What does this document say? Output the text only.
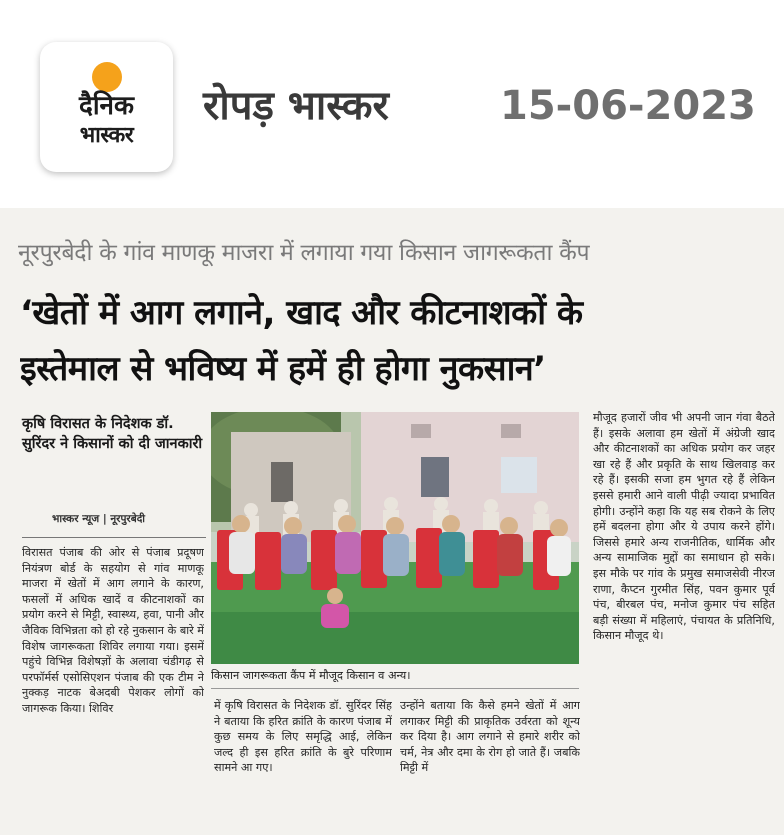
दैनिक
भास्कर
रोपड़ भास्कर	15-06-2023
नूरपुरबेदी के गांव माणकू माजरा में लगाया गया किसान जागरूकता कैंप
‘खेतों में आग लगाने, खाद और कीटनाशकों के
इस्तेमाल से भविष्य में हमें ही होगा नुकसान’
कृषि विरासत के निदेशक डॉ. सुरिंदर ने किसानों को दी जानकारी
भास्कर न्यूज | नूरपुरबेदी
विरासत पंजाब की ओर से पंजाब प्रदूषण नियंत्रण बोर्ड के सहयोग से गांव माणकू माजरा में खेतों में आग लगाने के कारण, फसलों में अधिक खादें व कीटनाशकों का प्रयोग करने से मिट्टी, स्वास्थ्य, हवा, पानी और जैविक विभिन्नता को हो रहे नुकसान के बारे में विशेष जागरूकता शिविर लगाया गया। इसमें पहुंचे विभिन्न विशेषज्ञों के अलावा चंडीगढ़ से परफॉर्मर्स एसोसिएशन पंजाब की एक टीम ने नुक्कड़ नाटक बेअदबी पेशकर लोगों को जागरूक किया। शिविर
किसान जागरूकता कैंप में मौजूद किसान व अन्य।
में कृषि विरासत के निदेशक डॉ. सुरिंदर सिंह ने बताया कि हरित क्रांति के कारण पंजाब में कुछ समय के लिए समृद्धि आई, लेकिन जल्द ही इस हरित क्रांति के बुरे परिणाम सामने आ गए।
उन्होंने बताया कि कैसे हमने खेतों में आग लगाकर मिट्टी की प्राकृतिक उर्वरता को शून्य कर दिया है। आग लगाने से हमारे शरीर को चर्म, नेत्र और दमा के रोग हो जाते हैं। जबकि मिट्टी में
मौजूद हजारों जीव भी अपनी जान गंवा बैठते हैं। इसके अलावा हम खेतों में अंग्रेजी खाद और कीटनाशकों का अधिक प्रयोग कर जहर खा रहे हैं और प्रकृति के साथ खिलवाड़ कर रहे हैं। इसकी सजा हम भुगत रहे हैं लेकिन इससे हमारी आने वाली पीढ़ी ज्यादा प्रभावित होगी। उन्होंने कहा कि यह सब रोकने के लिए हमें बदलना होगा और ये उपाय करने होंगे। जिससे हमारे अन्य राजनीतिक, धार्मिक और अन्य सामाजिक मुद्दों का समाधान हो सके। इस मौके पर गांव के प्रमुख समाजसेवी नीरज राणा, कैप्टन गुरमीत सिंह, पवन कुमार पूर्व पंच, बीरबल पंच, मनोज कुमार पंच सहित बड़ी संख्या में महिलाएं, पंचायत के प्रतिनिधि, किसान मौजूद थे।
